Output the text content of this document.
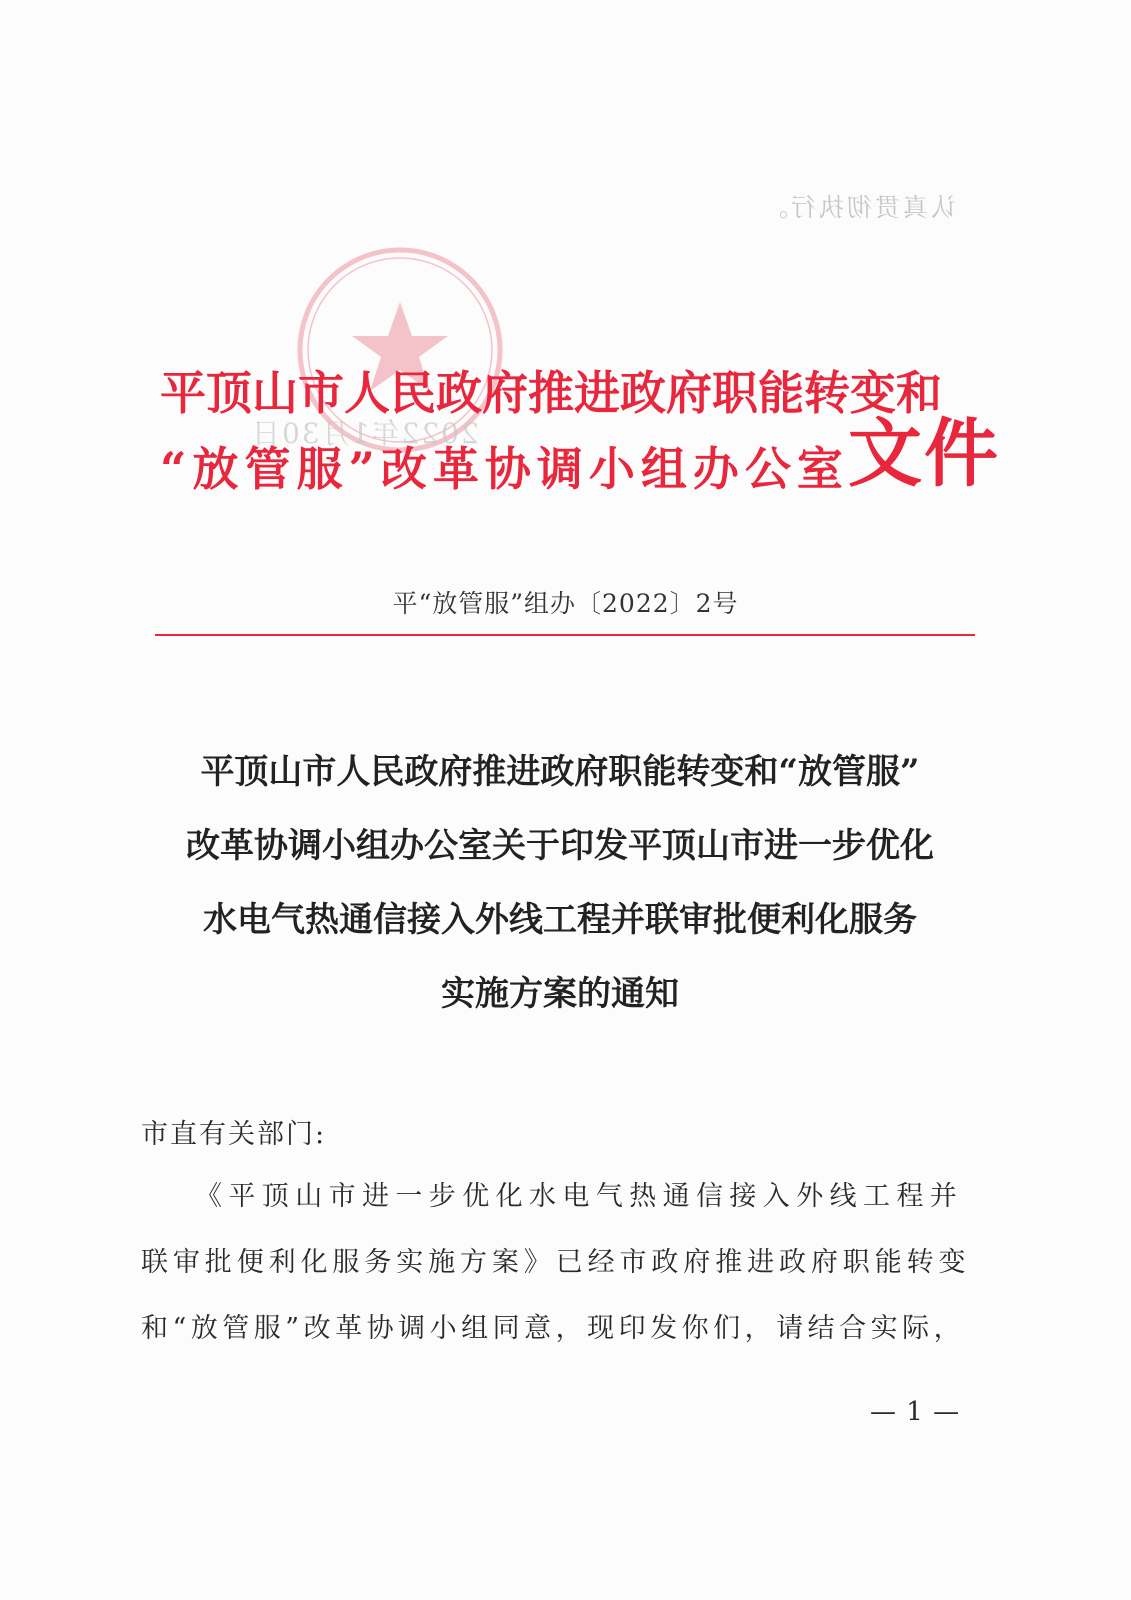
认真贯彻执行。
2022年1月30日
平顶山市人民政府推进政府职能转变和
“放管服”改革协调小组办公室 文件
平“放管服”组办〔2022〕2号
平顶山市人民政府推进政府职能转变和“放管服”
改革协调小组办公室关于印发平顶山市进一步优化
水电气热通信接入外线工程并联审批便利化服务
实施方案的通知
市直有关部门:
《平顶山市进一步优化水电气热通信接入外线工程并
联审批便利化服务实施方案》已经市政府推进政府职能转变
和“放管服”改革协调小组同意，现印发你们，请结合实际，
— 1 —
